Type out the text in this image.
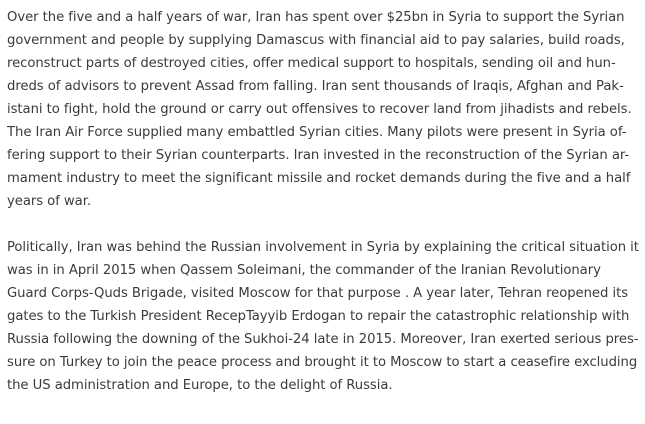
Over the five and a half years of war, Iran has spent over $25bn in Syria to support the Syrian
government and people by supplying Damascus with financial aid to pay salaries, build roads,
reconstruct parts of destroyed cities, offer medical support to hospitals, sending oil and hun-
dreds of advisors to prevent Assad from falling. Iran sent thousands of Iraqis, Afghan and Pak-
istani to fight, hold the ground or carry out offensives to recover land from jihadists and rebels.
The Iran Air Force supplied many embattled Syrian cities. Many pilots were present in Syria of-
fering support to their Syrian counterparts. Iran invested in the reconstruction of the Syrian ar-
mament industry to meet the significant missile and rocket demands during the five and a half
years of war.
Politically, Iran was behind the Russian involvement in Syria by explaining the critical situation it
was in in April 2015 when Qassem Soleimani, the commander of the Iranian Revolutionary
Guard Corps-Quds Brigade, visited Moscow for that purpose . A year later, Tehran reopened its
gates to the Turkish President RecepTayyib Erdogan to repair the catastrophic relationship with
Russia following the downing of the Sukhoi-24 late in 2015. Moreover, Iran exerted serious pres-
sure on Turkey to join the peace process and brought it to Moscow to start a ceasefire excluding
the US administration and Europe, to the delight of Russia.
